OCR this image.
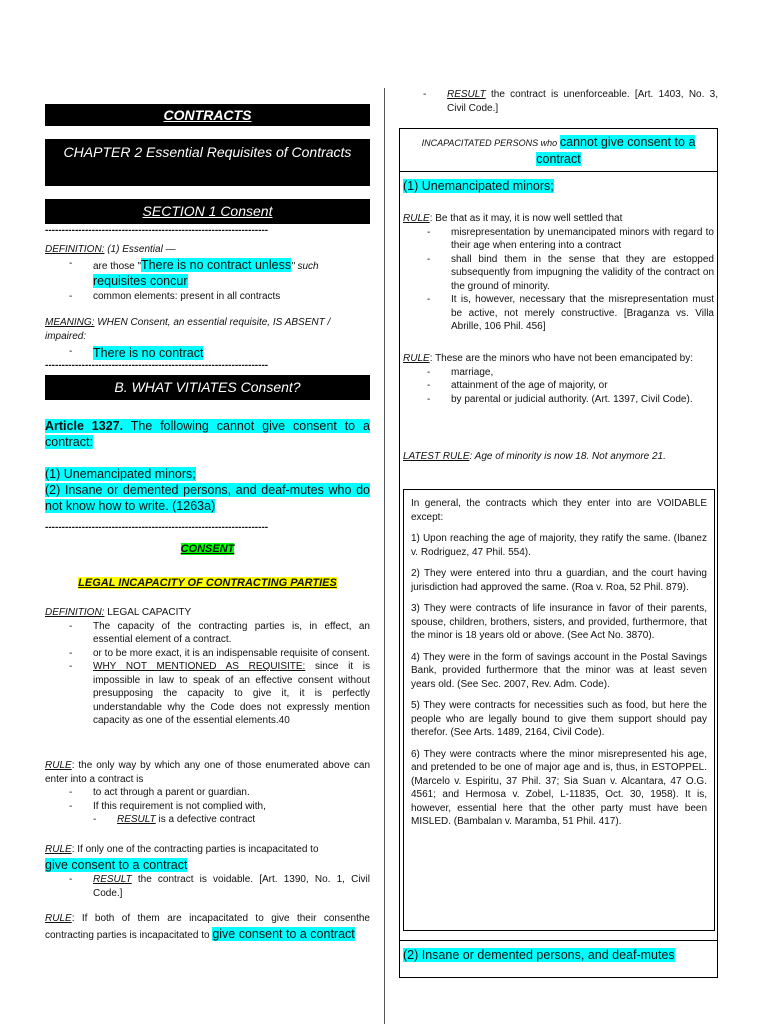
CONTRACTS
CHAPTER 2 Essential Requisites of Contracts
SECTION 1 Consent
-------------------------------------------------------------------

DEFINITION: (1) Essential —

- are those "There is no contract unless" such
requisites concur
- common elements: present in all contracts

MEANING: WHEN Consent, an essential requisite, IS ABSENT / impaired:

- There is no contract
-------------------------------------------------------------------
B. WHAT VITIATES Consent?

Article 1327. The following cannot give consent to a contract:

(1) Unemancipated minors;

(2) Insane or demented persons, and deaf-mutes who do not know how to write. (1263a)

-------------------------------------------------------------------
CONSENT
LEGAL INCAPACITY OF CONTRACTING PARTIES

DEFINITION: LEGAL CAPACITY

- The capacity of the contracting parties is, in effect, an essential element of a contract.
- or to be more exact, it is an indispensable requisite of consent.
- WHY NOT MENTIONED AS REQUISITE: since it is impossible in law to speak of an effective consent without presupposing the capacity to give it, it is perfectly understandable why the Code does not expressly mention capacity as one of the essential elements.40

RULE: the only way by which any one of those enumerated above can enter into a contract is

- to act through a parent or guardian.
- If this requirement is not complied with,
- RESULT is a defective contract

RULE: If only one of the contracting parties is incapacitated to
give consent to a contract

- RESULT the contract is voidable. [Art. 1390, No. 1, Civil Code.]

RULE: If both of them are incapacitated to give their consenthe contracting parties is incapacitated to give consent to a contract

- RESULT the contract is unenforceable. [Art. 1403, No. 3, Civil Code.]
INCAPACITATED PERSONS who cannot give consent to a contract
(1) Unemancipated minors;

RULE: Be that as it may, it is now well settled that

- misrepresentation by unemancipated minors with regard to their age when entering into a contract
- shall bind them in the sense that they are estopped subsequently from impugning the validity of the contract on the ground of minority.
- It is, however, necessary that the misrepresentation must be active, not merely constructive. [Braganza vs. Villa Abrille, 106 Phil. 456]

RULE: These are the minors who have not been emancipated by:

- marriage,
- attainment of the age of majority, or
- by parental or judicial authority. (Art. 1397, Civil Code).
LATEST RULE: Age of minority is now 18. Not anymore 21.

In general, the contracts which they enter into are VOIDABLE except:

1) Upon reaching the age of majority, they ratify the same. (Ibanez v. Rodriguez, 47 Phil. 554).

2) They were entered into thru a guardian, and the court having jurisdiction had approved the same. (Roa v. Roa, 52 Phil. 879).

3) They were contracts of life insurance in favor of their parents, spouse, children, brothers, sisters, and provided, furthermore, that the minor is 18 years old or above. (See Act No. 3870).

4) They were in the form of savings account in the Postal Savings Bank, provided furthermore that the minor was at least seven years old. (See Sec. 2007, Rev. Adm. Code).

5) They were contracts for necessities such as food, but here the people who are legally bound to give them support should pay therefor. (See Arts. 1489, 2164, Civil Code).

6) They were contracts where the minor misrepresented his age, and pretended to be one of major age and is, thus, in ESTOPPEL. (Marcelo v. Espiritu, 37 Phil. 37; Sia Suan v. Alcantara, 47 O.G. 4561; and Hermosa v. Zobel, L-11835, Oct. 30, 1958). It is, however, essential here that the other party must have been MISLED. (Bambalan v. Maramba, 51 Phil. 417).

(2) Insane or demented persons, and deaf-mutes
